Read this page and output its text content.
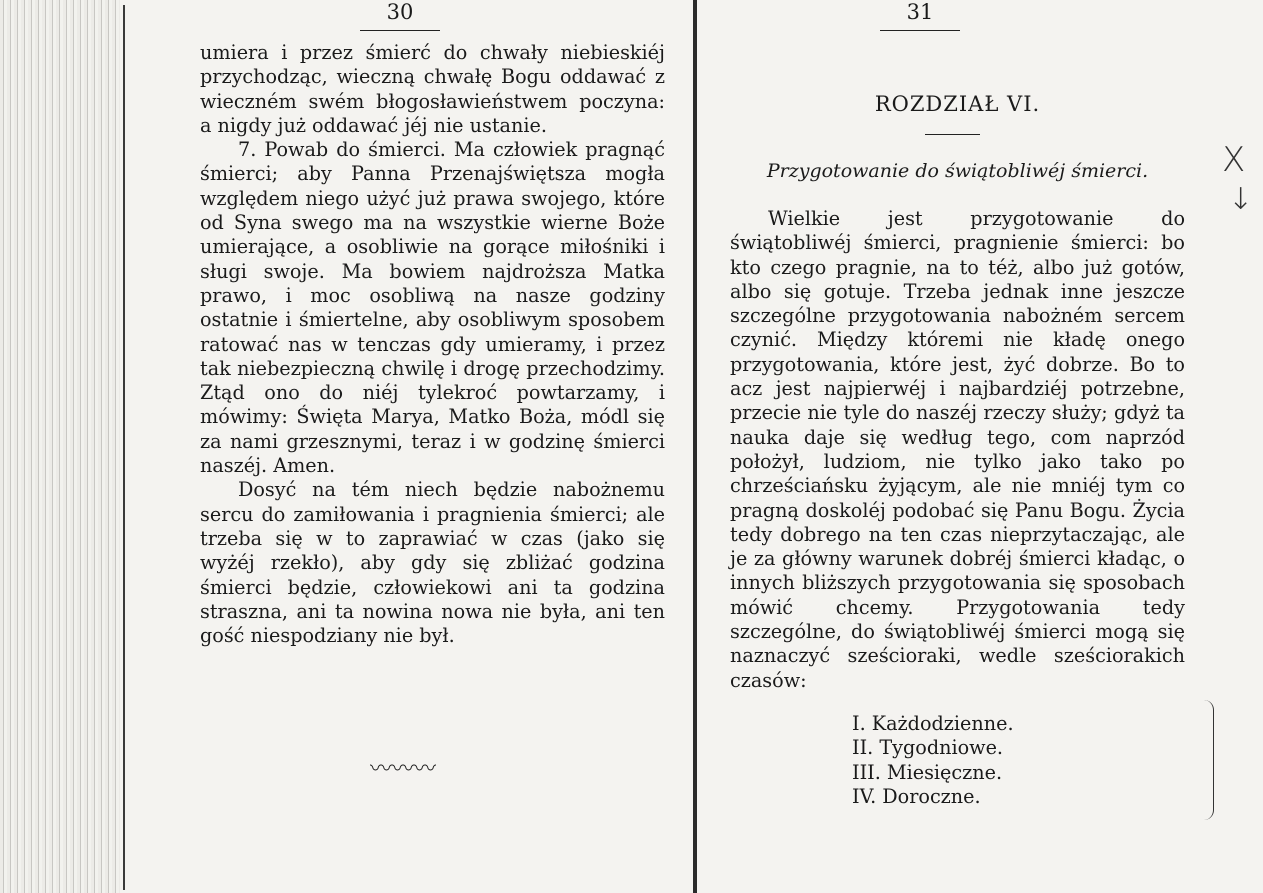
30

umiera i przez śmierć do chwały niebieskiéj przychodząc, wieczną chwałę Bogu oddawać z wieczném swém błogosławieństwem poczyna: a nigdy już oddawać jéj nie ustanie.

7. Powab do śmierci. Ma człowiek pragnąć śmierci; aby Panna Przenajświętsza mogła względem niego użyć już prawa swojego, które od Syna swego ma na wszystkie wierne Boże umierające, a osobliwie na gorące miłośniki i sługi swoje. Ma bowiem najdroższa Matka prawo, i moc osobliwą na nasze godziny ostatnie i śmiertelne, aby osobliwym sposobem ratować nas w tenczas gdy umieramy, i przez tak niebezpieczną chwilę i drogę przechodzimy. Ztąd ono do niéj tylekroć powtarzamy, i mówimy: Święta Marya, Matko Boża, módl się za nami grzesznymi, teraz i w godzinę śmierci naszéj. Amen.

Dosyć na tém niech będzie nabożnemu sercu do zamiłowania i pragnienia śmierci; ale trzeba się w to zaprawiać w czas (jako się wyżéj rzekło), aby gdy się zbliżać godzina śmierci będzie, człowiekowi ani ta godzina straszna, ani ta nowina nowa nie była, ani ten gość niespodziany nie był.

〰〰〰
31
ROZDZIAŁ VI.
Przygotowanie do świątobliwéj śmierci.

Wielkie jest przygotowanie do świątobliwéj śmierci, pragnienie śmierci: bo kto czego pragnie, na to téż, albo już gotów, albo się gotuje. Trzeba jednak inne jeszcze szczególne przygotowania nabożném sercem czynić. Między któremi nie kładę onego przygotowania, które jest, żyć dobrze. Bo to acz jest najpierwéj i najbardziéj potrzebne, przecie nie tyle do naszéj rzeczy służy; gdyż ta nauka daje się według tego, com naprzód położył, ludziom, nie tylko jako tako po chrześciańsku żyjącym, ale nie mniéj tym co pragną doskoléj podobać się Panu Bogu. Życia tedy dobrego na ten czas nieprzytaczając, ale je za główny warunek dobréj śmierci kładąc, o innych bliższych przygotowania się sposobach mówić chcemy. Przygotowania tedy szczególne, do świątobliwéj śmierci mogą się naznaczyć sześcioraki, wedle sześciorakich czasów:

I. Każdodzienne.
II. Tygodniowe.
III. Miesięczne.
IV. Doroczne.
X
↓
